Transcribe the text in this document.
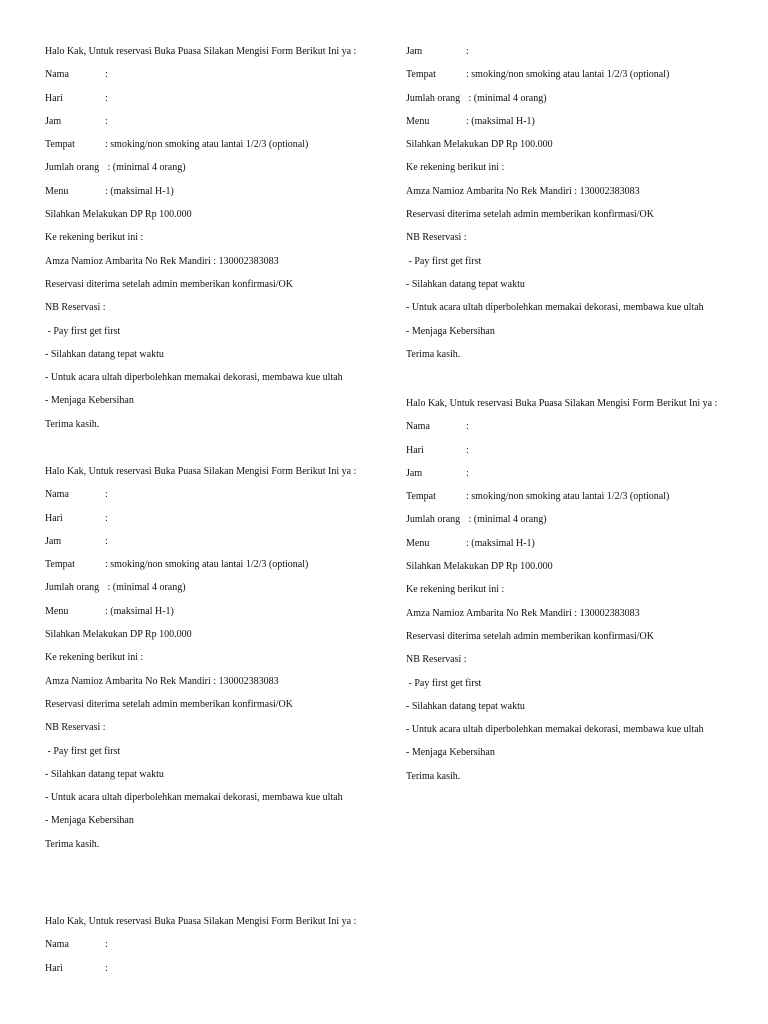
Halo Kak, Untuk reservasi Buka Puasa Silakan Mengisi Form Berikut Ini ya :
Nama	:
Hari	:
Jam	:
Tempat	: smoking/non smoking atau lantai 1/2/3 (optional)
Jumlah orang : (minimal 4 orang)
Menu	: (maksimal H-1)
Silahkan Melakukan DP Rp 100.000
Ke rekening berikut ini :
Amza Namioz Ambarita No Rek Mandiri : 130002383083
Reservasi diterima setelah admin memberikan konfirmasi/OK
NB Reservasi :
- Pay first get first
- Silahkan datang tepat waktu
- Untuk acara ultah diperbolehkan memakai dekorasi, membawa kue ultah
- Menjaga Kebersihan
Terima kasih.
Halo Kak, Untuk reservasi Buka Puasa Silakan Mengisi Form Berikut Ini ya :
Nama	:
Hari	:
Jam	:
Tempat	: smoking/non smoking atau lantai 1/2/3 (optional)
Jumlah orang : (minimal 4 orang)
Menu	: (maksimal H-1)
Silahkan Melakukan DP Rp 100.000
Ke rekening berikut ini :
Amza Namioz Ambarita No Rek Mandiri : 130002383083
Reservasi diterima setelah admin memberikan konfirmasi/OK
NB Reservasi :
- Pay first get first
- Silahkan datang tepat waktu
- Untuk acara ultah diperbolehkan memakai dekorasi, membawa kue ultah
- Menjaga Kebersihan
Terima kasih.
Halo Kak, Untuk reservasi Buka Puasa Silakan Mengisi Form Berikut Ini ya :
Nama	:
Hari	:
Jam	:
Tempat	: smoking/non smoking atau lantai 1/2/3 (optional)
Jumlah orang : (minimal 4 orang)
Menu	: (maksimal H-1)
Silahkan Melakukan DP Rp 100.000
Ke rekening berikut ini :
Amza Namioz Ambarita No Rek Mandiri : 130002383083
Reservasi diterima setelah admin memberikan konfirmasi/OK
NB Reservasi :
- Pay first get first
- Silahkan datang tepat waktu
- Untuk acara ultah diperbolehkan memakai dekorasi, membawa kue ultah
- Menjaga Kebersihan
Terima kasih.
Halo Kak, Untuk reservasi Buka Puasa Silakan Mengisi Form Berikut Ini ya :
Nama	:
Hari	:
Jam	:
Tempat	: smoking/non smoking atau lantai 1/2/3 (optional)
Jumlah orang : (minimal 4 orang)
Menu	: (maksimal H-1)
Silahkan Melakukan DP Rp 100.000
Ke rekening berikut ini :
Amza Namioz Ambarita No Rek Mandiri : 130002383083
Reservasi diterima setelah admin memberikan konfirmasi/OK
NB Reservasi :
- Pay first get first
- Silahkan datang tepat waktu
- Untuk acara ultah diperbolehkan memakai dekorasi, membawa kue ultah
- Menjaga Kebersihan
Terima kasih.
